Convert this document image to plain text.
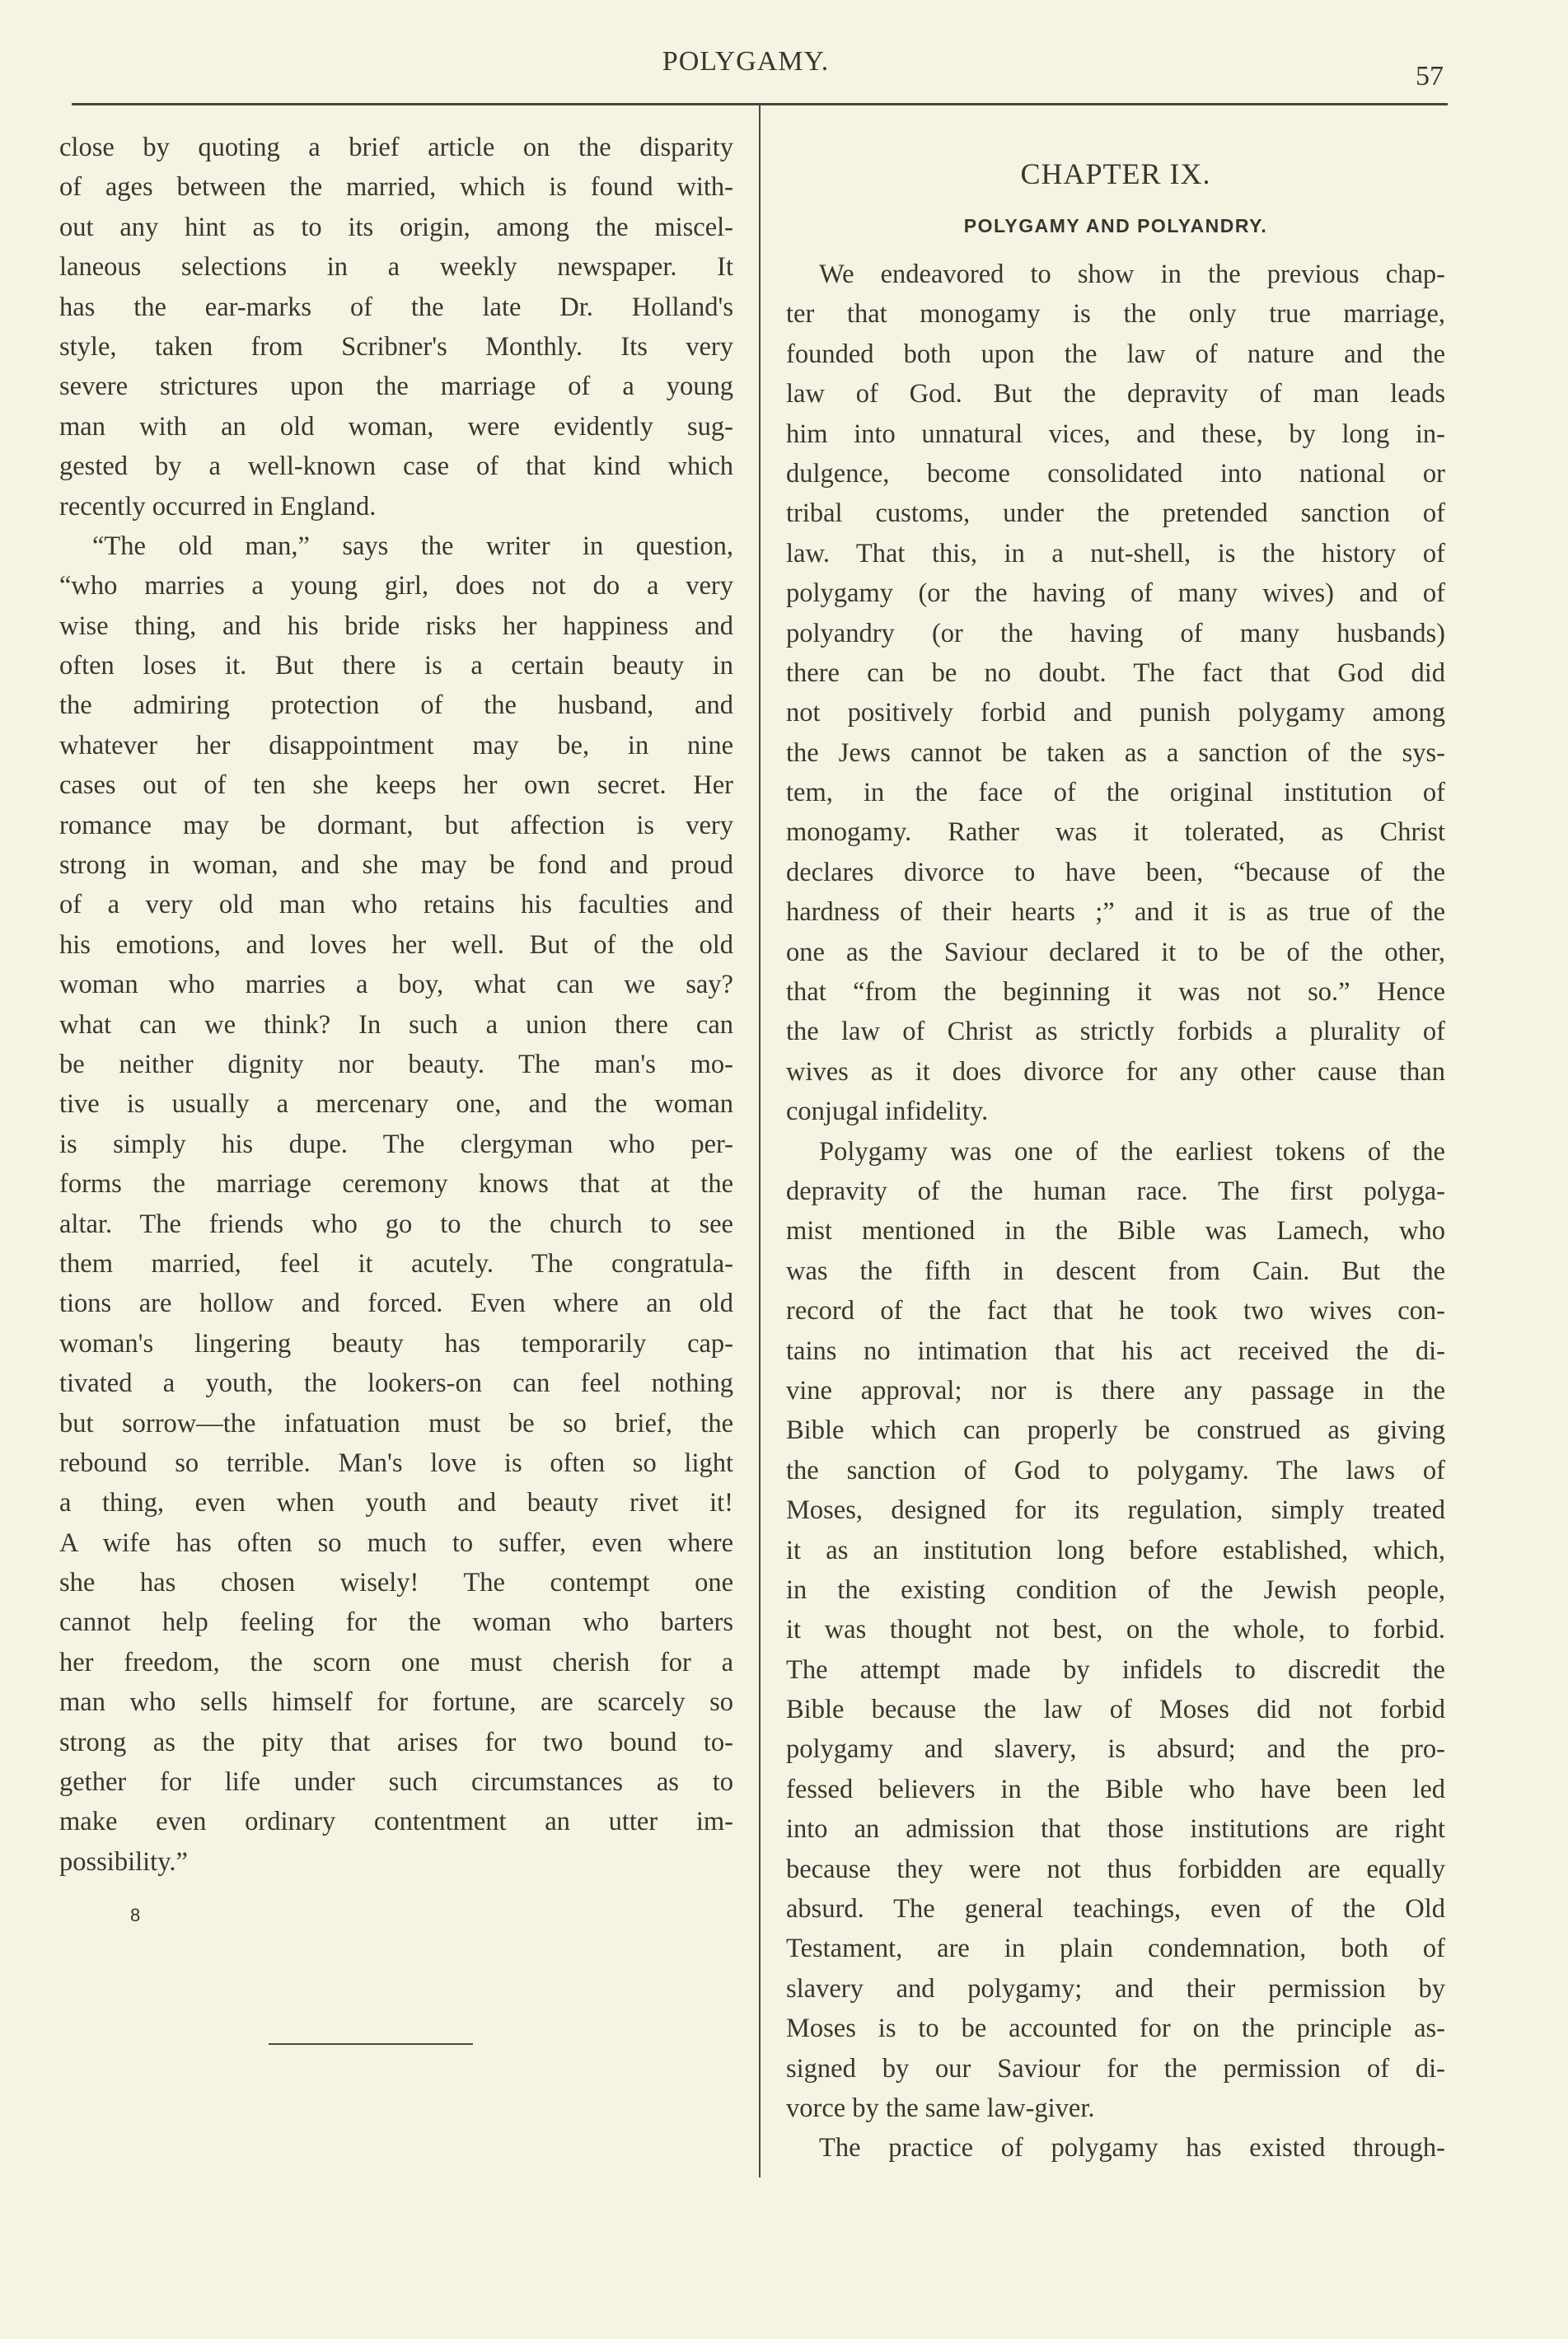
POLYGAMY.	57
close by quoting a brief article on the disparity
of ages between the married, which is found with-
out any hint as to its origin, among the miscel-
laneous selections in a weekly newspaper. It
has the ear-marks of the late Dr. Holland's
style, taken from Scribner's Monthly. Its very
severe strictures upon the marriage of a young
man with an old woman, were evidently sug-
gested by a well-known case of that kind which
recently occurred in England.
“The old man,” says the writer in question,
“who marries a young girl, does not do a very
wise thing, and his bride risks her happiness and
often loses it. But there is a certain beauty in
the admiring protection of the husband, and
whatever her disappointment may be, in nine
cases out of ten she keeps her own secret. Her
romance may be dormant, but affection is very
strong in woman, and she may be fond and proud
of a very old man who retains his faculties and
his emotions, and loves her well. But of the old
woman who marries a boy, what can we say?
what can we think? In such a union there can
be neither dignity nor beauty. The man's mo-
tive is usually a mercenary one, and the woman
is simply his dupe. The clergyman who per-
forms the marriage ceremony knows that at the
altar. The friends who go to the church to see
them married, feel it acutely. The congratula-
tions are hollow and forced. Even where an old
woman's lingering beauty has temporarily cap-
tivated a youth, the lookers-on can feel nothing
but sorrow—the infatuation must be so brief, the
rebound so terrible. Man's love is often so light
a thing, even when youth and beauty rivet it!
A wife has often so much to suffer, even where
she has chosen wisely! The contempt one
cannot help feeling for the woman who barters
her freedom, the scorn one must cherish for a
man who sells himself for fortune, are scarcely so
strong as the pity that arises for two bound to-
gether for life under such circumstances as to
make even ordinary contentment an utter im-
possibility.”
CHAPTER IX.
POLYGAMY AND POLYANDRY.
We endeavored to show in the previous chap-
ter that monogamy is the only true marriage,
founded both upon the law of nature and the
law of God. But the depravity of man leads
him into unnatural vices, and these, by long in-
dulgence, become consolidated into national or
tribal customs, under the pretended sanction of
law. That this, in a nut-shell, is the history of
polygamy (or the having of many wives) and of
polyandry (or the having of many husbands)
there can be no doubt. The fact that God did
not positively forbid and punish polygamy among
the Jews cannot be taken as a sanction of the sys-
tem, in the face of the original institution of
monogamy. Rather was it tolerated, as Christ
declares divorce to have been, “because of the
hardness of their hearts ;” and it is as true of the
one as the Saviour declared it to be of the other,
that “from the beginning it was not so.” Hence
the law of Christ as strictly forbids a plurality of
wives as it does divorce for any other cause than
conjugal infidelity.
Polygamy was one of the earliest tokens of the
depravity of the human race. The first polyga-
mist mentioned in the Bible was Lamech, who
was the fifth in descent from Cain. But the
record of the fact that he took two wives con-
tains no intimation that his act received the di-
vine approval; nor is there any passage in the
Bible which can properly be construed as giving
the sanction of God to polygamy. The laws of
Moses, designed for its regulation, simply treated
it as an institution long before established, which,
in the existing condition of the Jewish people,
it was thought not best, on the whole, to forbid.
The attempt made by infidels to discredit the
Bible because the law of Moses did not forbid
polygamy and slavery, is absurd; and the pro-
fessed believers in the Bible who have been led
into an admission that those institutions are right
because they were not thus forbidden are equally
absurd. The general teachings, even of the Old
Testament, are in plain condemnation, both of
slavery and polygamy; and their permission by
Moses is to be accounted for on the principle as-
signed by our Saviour for the permission of di-
vorce by the same law-giver.
The practice of polygamy has existed through-
8
